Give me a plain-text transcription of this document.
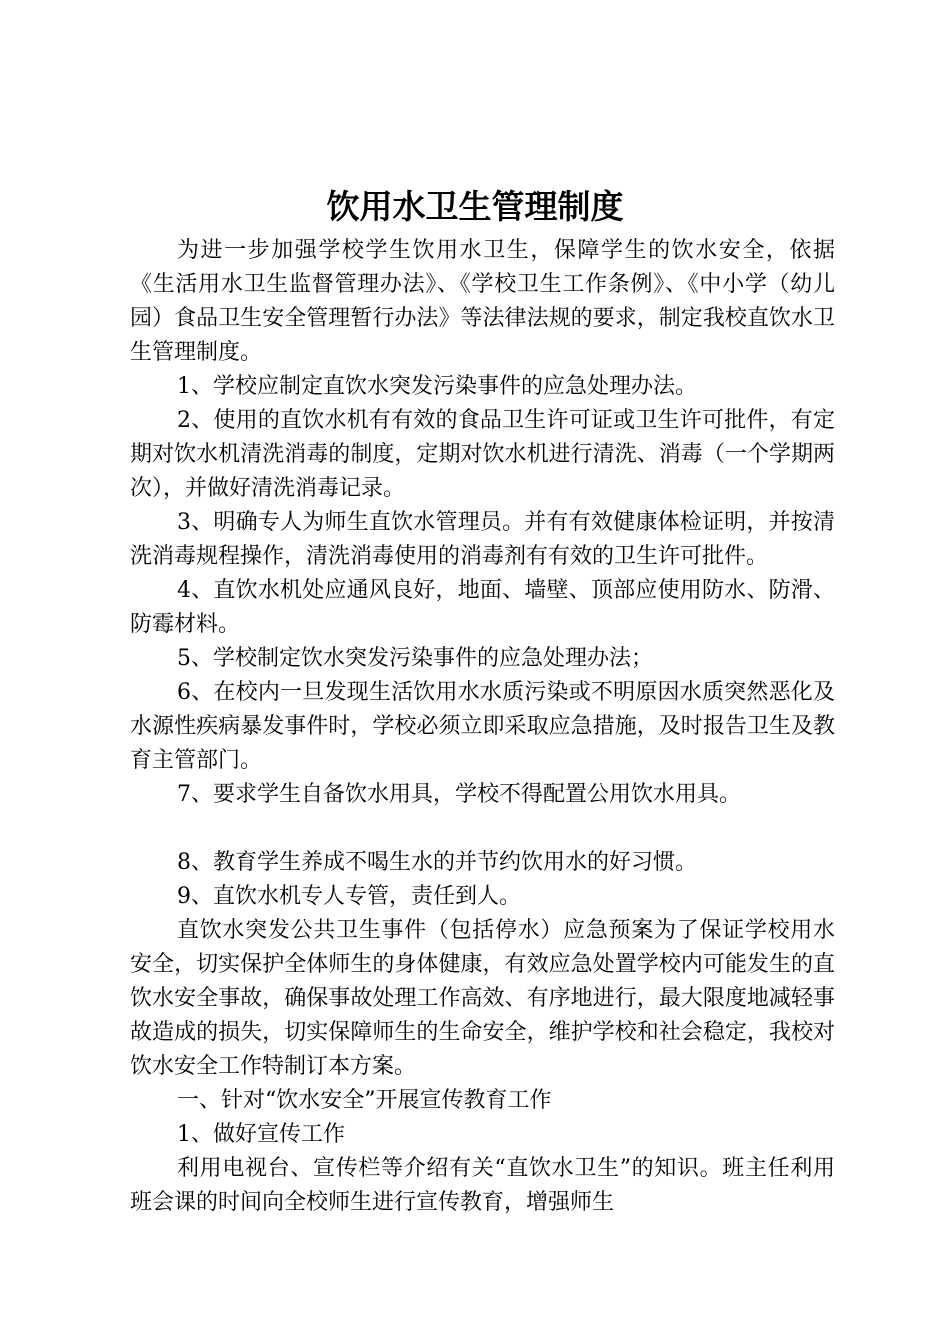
饮用水卫生管理制度

为进一步加强学校学生饮用水卫生，保障学生的饮水安全，依据《生活用水卫生监督管理办法》、《学校卫生工作条例》、《中小学（幼儿园）食品卫生安全管理暂行办法》等法律法规的要求，制定我校直饮水卫生管理制度。

1、学校应制定直饮水突发污染事件的应急处理办法。

2、使用的直饮水机有有效的食品卫生许可证或卫生许可批件，有定期对饮水机清洗消毒的制度，定期对饮水机进行清洗、消毒（一个学期两次），并做好清洗消毒记录。

3、明确专人为师生直饮水管理员。并有有效健康体检证明，并按清洗消毒规程操作，清洗消毒使用的消毒剂有有效的卫生许可批件。

4、直饮水机处应通风良好，地面、墙壁、顶部应使用防水、防滑、防霉材料。

5、学校制定饮水突发污染事件的应急处理办法；

6、在校内一旦发现生活饮用水水质污染或不明原因水质突然恶化及水源性疾病暴发事件时，学校必须立即采取应急措施，及时报告卫生及教育主管部门。

7、要求学生自备饮水用具，学校不得配置公用饮水用具。

8、教育学生养成不喝生水的并节约饮用水的好习惯。

9、直饮水机专人专管，责任到人。

直饮水突发公共卫生事件（包括停水）应急预案为了保证学校用水安全，切实保护全体师生的身体健康，有效应急处置学校内可能发生的直饮水安全事故，确保事故处理工作高效、有序地进行，最大限度地减轻事故造成的损失，切实保障师生的生命安全，维护学校和社会稳定，我校对饮水安全工作特制订本方案。

一、针对“饮水安全”开展宣传教育工作

1、做好宣传工作

利用电视台、宣传栏等介绍有关“直饮水卫生”的知识。班主任利用班会课的时间向全校师生进行宣传教育，增强师生
